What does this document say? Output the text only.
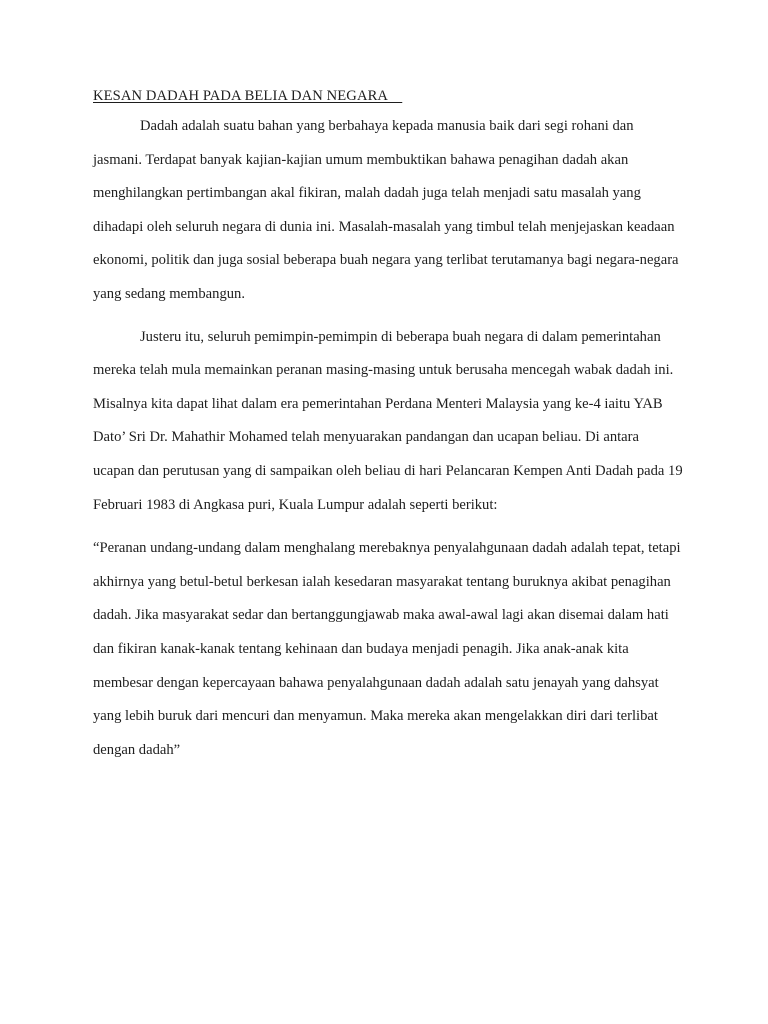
KESAN DADAH PADA BELIA DAN NEGARA

Dadah adalah suatu bahan yang berbahaya kepada manusia baik dari segi rohani dan jasmani. Terdapat banyak kajian-kajian umum membuktikan bahawa penagihan dadah akan menghilangkan pertimbangan akal fikiran, malah dadah juga telah menjadi satu masalah yang dihadapi oleh seluruh negara di dunia ini. Masalah-masalah yang timbul telah menjejaskan keadaan ekonomi, politik dan juga sosial beberapa buah negara yang terlibat terutamanya bagi negara-negara yang sedang membangun.

Justeru itu, seluruh pemimpin-pemimpin di beberapa buah negara di dalam pemerintahan mereka telah mula memainkan peranan masing-masing untuk berusaha mencegah wabak dadah ini. Misalnya kita dapat lihat dalam era pemerintahan Perdana Menteri Malaysia yang ke-4 iaitu YAB Dato’ Sri Dr. Mahathir Mohamed telah menyuarakan pandangan dan ucapan beliau. Di antara ucapan dan perutusan yang di sampaikan oleh beliau di hari Pelancaran Kempen Anti Dadah pada 19 Februari 1983 di Angkasa puri, Kuala Lumpur adalah seperti berikut:

“Peranan undang-undang dalam menghalang merebaknya penyalahgunaan dadah adalah tepat, tetapi akhirnya yang betul-betul berkesan ialah kesedaran masyarakat tentang buruknya akibat penagihan dadah. Jika masyarakat sedar dan bertanggungjawab maka awal-awal lagi akan disemai dalam hati dan fikiran kanak-kanak tentang kehinaan dan budaya menjadi penagih. Jika anak-anak kita membesar dengan kepercayaan bahawa penyalahgunaan dadah adalah satu jenayah yang dahsyat yang lebih buruk dari mencuri dan menyamun. Maka mereka akan mengelakkan diri dari terlibat dengan dadah”
